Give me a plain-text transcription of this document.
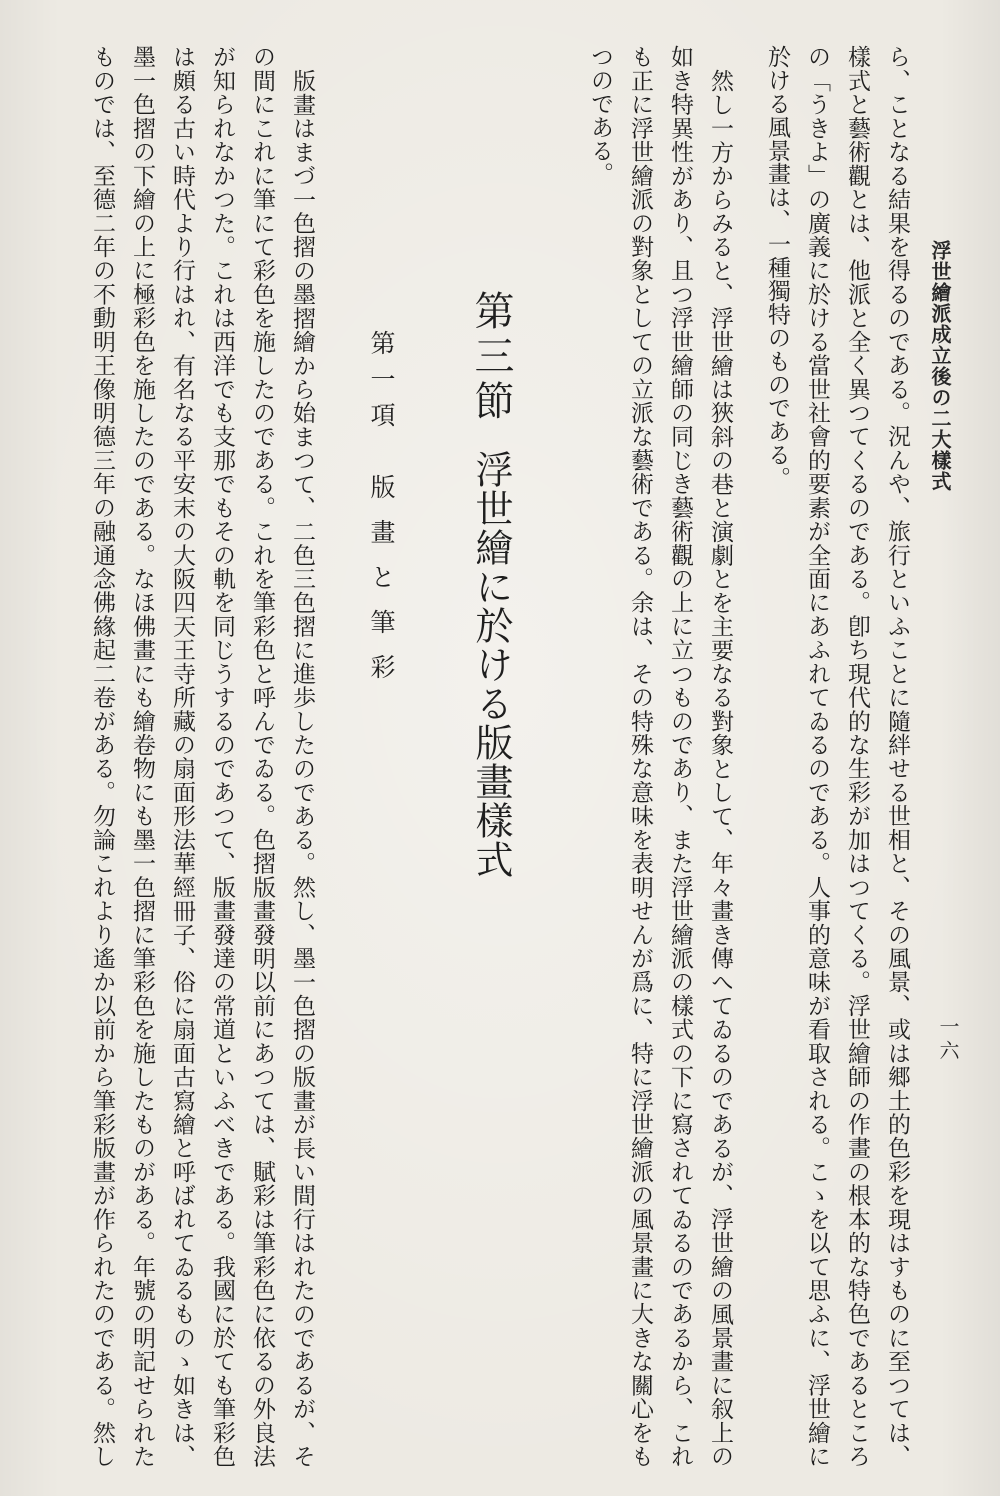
浮世繪派成立後の二大樣式
一六
ら、ことなる結果を得るのである。況んや、旅行といふことに隨絆せる世相と、その風景、或は郷土的色彩を現はすものに至つては、
樣式と藝術觀とは、他派と全く異つてくるのである。卽ち現代的な生彩が加はつてくる。浮世繪師の作畫の根本的な特色であるところ
の「うきよ」の廣義に於ける當世社會的要素が全面にあふれてゐるのである。人事的意味が看取される。こゝを以て思ふに、浮世繪に
於ける風景畫は、一種獨特のものである。
然し一方からみると、浮世繪は狹斜の巷と演劇とを主要なる對象として、年々畫き傳へてゐるのであるが、浮世繪の風景畫に叙上の
如き特異性があり、且つ浮世繪師の同じき藝術觀の上に立つものであり、また浮世繪派の樣式の下に寫されてゐるのであるから、これ
も正に浮世繪派の對象としての立派な藝術である。余は、その特殊な意味を表明せんが爲に、特に浮世繪派の風景畫に大きな關心をも
つのである。
第三節
浮世繪に於ける版畫樣式
第一項
版畫と筆彩
版畫はまづ一色摺の墨摺繪から始まつて、二色三色摺に進歩したのである。然し、墨一色摺の版畫が長い間行はれたのであるが、そ
の間にこれに筆にて彩色を施したのである。これを筆彩色と呼んでゐる。色摺版畫發明以前にあつては、賦彩は筆彩色に依るの外良法
が知られなかつた。これは西洋でも支那でもその軌を同じうするのであつて、版畫發達の常道といふべきである。我國に於ても筆彩色
は頗る古い時代より行はれ、有名なる平安末の大阪四天王寺所藏の扇面形法華經冊子、俗に扇面古寫繪と呼ばれてゐるものゝ如きは、
墨一色摺の下繪の上に極彩色を施したのである。なほ佛畫にも繪卷物にも墨一色摺に筆彩色を施したものがある。年號の明記せられた
ものでは、至德二年の不動明王像明德三年の融通念佛緣起二卷がある。勿論これより遙か以前から筆彩版畫が作られたのである。然し
